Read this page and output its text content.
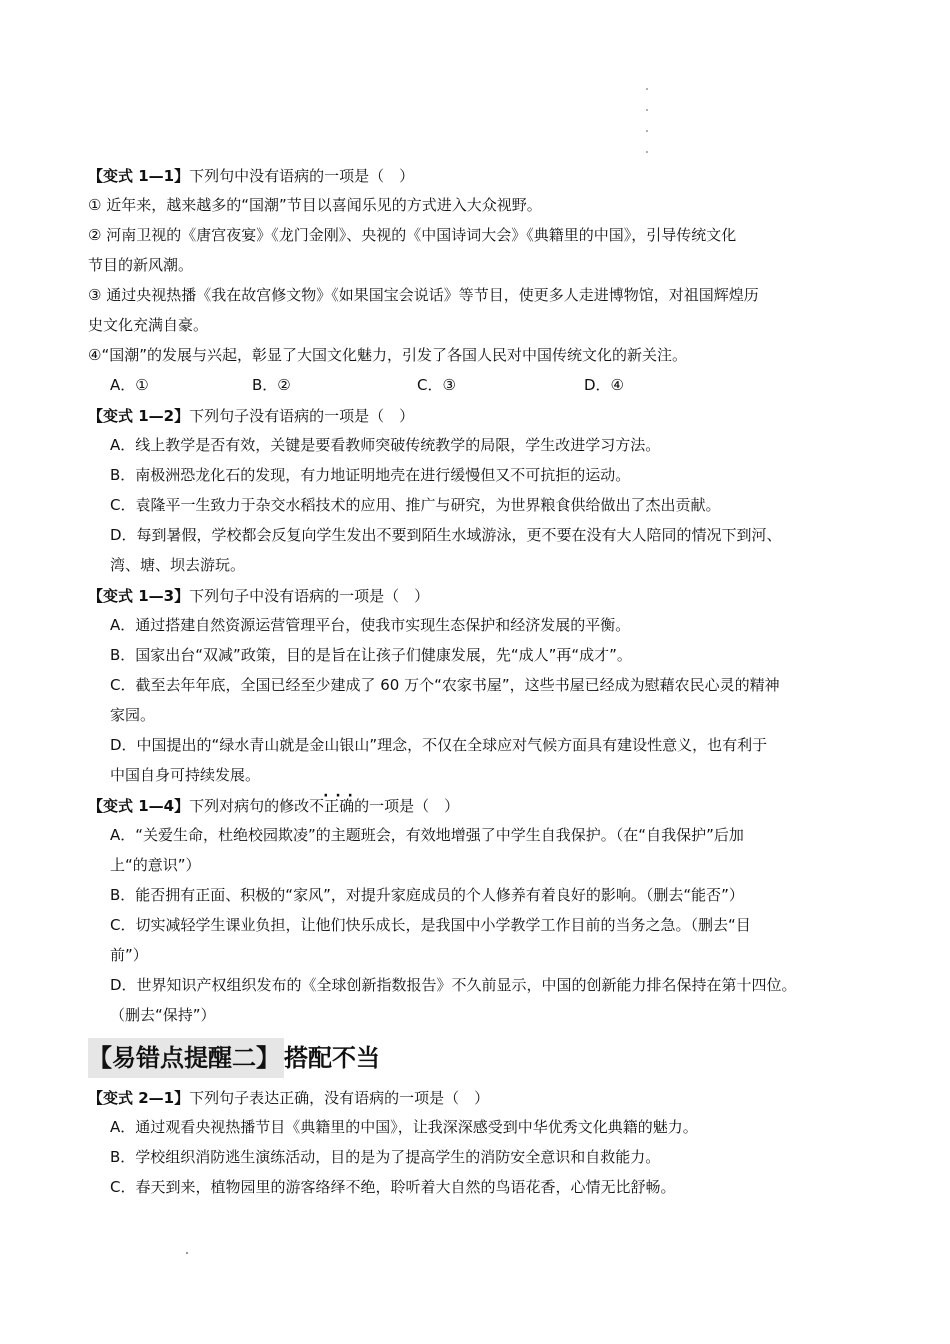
【变式 1—1】下列句中没有语病的一项是（　）
① 近年来，越来越多的“国潮”节目以喜闻乐见的方式进入大众视野。
② 河南卫视的《唐宫夜宴》《龙门金刚》、央视的《中国诗词大会》《典籍里的中国》，引导传统文化
节目的新风潮。
③ 通过央视热播《我在故宫修文物》《如果国宝会说话》等节目，使更多人走进博物馆，对祖国辉煌历
史文化充满自豪。
④“国潮”的发展与兴起，彰显了大国文化魅力，引发了各国人民对中国传统文化的新关注。
A．①	B．②	C．③	D．④
【变式 1—2】下列句子没有语病的一项是（　）
A．线上教学是否有效，关键是要看教师突破传统教学的局限，学生改进学习方法。
B．南极洲恐龙化石的发现，有力地证明地壳在进行缓慢但又不可抗拒的运动。
C．袁隆平一生致力于杂交水稻技术的应用、推广与研究，为世界粮食供给做出了杰出贡献。
D．每到暑假，学校都会反复向学生发出不要到陌生水域游泳，更不要在没有大人陪同的情况下到河、
湾、塘、坝去游玩。
【变式 1—3】下列句子中没有语病的一项是（　）
A．通过搭建自然资源运营管理平台，使我市实现生态保护和经济发展的平衡。
B．国家出台“双减”政策，目的是旨在让孩子们健康发展，先“成人”再“成才”。
C．截至去年年底，全国已经至少建成了 60 万个“农家书屋”，这些书屋已经成为慰藉农民心灵的精神
家园。
D．中国提出的“绿水青山就是金山银山”理念，不仅在全球应对气候方面具有建设性意义，也有利于
中国自身可持续发展。
【变式 1—4】下列对病句的修改· · · 不正确的一项是（　）
A．“关爱生命，杜绝校园欺凌”的主题班会，有效地增强了中学生自我保护。（在“自我保护”后加
上“的意识”）
B．能否拥有正面、积极的“家风”，对提升家庭成员的个人修养有着良好的影响。（删去“能否”）
C．切实减轻学生课业负担，让他们快乐成长，是我国中小学教学工作目前的当务之急。（删去“目
前”）
D．世界知识产权组织发布的《全球创新指数报告》不久前显示，中国的创新能力排名保持在第十四位。
（删去“保持”）
【易错点提醒二】 搭配不当
【变式 2—1】下列句子表达正确，没有语病的一项是（　）
A．通过观看央视热播节目《典籍里的中国》，让我深深感受到中华优秀文化典籍的魅力。
B．学校组织消防逃生演练活动，目的是为了提高学生的消防安全意识和自救能力。
C．春天到来，植物园里的游客络绎不绝，聆听着大自然的鸟语花香，心情无比舒畅。
